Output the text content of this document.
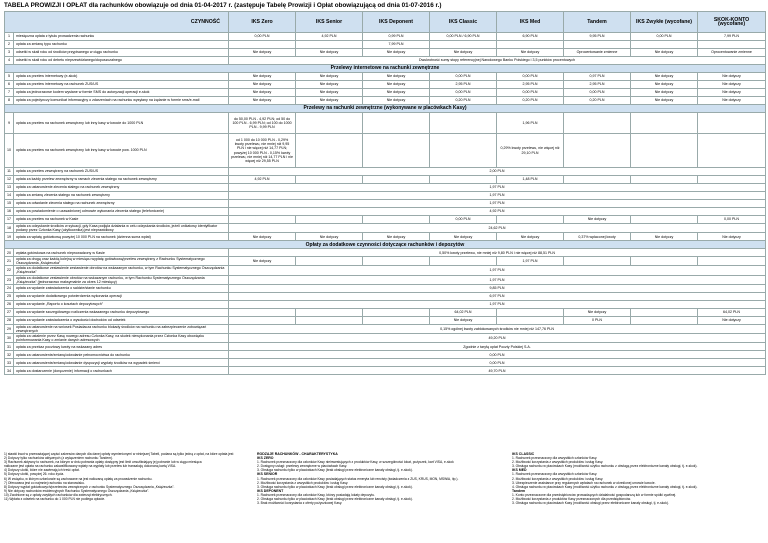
TABELA PROWIZJI I OPŁAT dla rachunków obowiązuje od dnia 01-04-2017 r. (zastępuje Tabelę Prowizji i Opłat obowiązującą od dnia 01-07-2016 r.)
CZYNNOŚĆ		IKS Zero	IKS Senior	IKS Deponent	IKS Classic	IKS Med	Tandem	IKS Zwykłe (wycofane)	SKOK-KONTO (wycofane)
1	miesięczna opłata z tytułu prowadzenia rachunku	0,00 PLN	4,92 PLN	0,99 PLN	0,00 PLN / 6,90 PLN	6,90 PLN	9,95 PLN	0,00 PLN	7,99 PLN
2	opłata za zmianę typu rachunku			7,99 PLN					
3	odsetki w skali roku od środków przypisanego w ciągu rachunku	Nie dotyczy	Nie dotyczy	Nie dotyczy	Nie dotyczy	Nie dotyczy	Oprocentowanie zmienne	Nie dotyczy	Oprocentowanie zmienne
4	odsetki w skali roku od debetu nieprzewidzianego/dopuszczalnego	Dwukrotność sumy stopy referencyjnej Narodowego Banku Polskiego i 3,5 punktów procentowych							
Przelewy internetowe na rachunki zewnętrzne									
5	opłata za przelew internetowy (e-skok)	Nie dotyczy	Nie dotyczy	Nie dotyczy	0,00 PLN	0,00 PLN	0,97 PLN	Nie dotyczy	Nie dotyczy
6	opłata za przelew internetowy na rachunek ZUS/US	Nie dotyczy	Nie dotyczy	Nie dotyczy	2,95 PLN	2,95 PLN	2,95 PLN	Nie dotyczy	Nie dotyczy
7	opłata za jednorazowe kodem wysłane w formie SMS do autoryzacji operacji e-skok	Nie dotyczy	Nie dotyczy	Nie dotyczy	0,00 PLN	0,00 PLN	0,00 PLN	Nie dotyczy	Nie dotyczy
8	opłata za pojedynczy komunikat informacyjny o zdarzeniach na rachunku wysyłany na żądanie w formie sms/e-mail	Nie dotyczy	Nie dotyczy	Nie dotyczy	0,20 PLN	0,20 PLN	0,20 PLN	Nie dotyczy	Nie dotyczy
Przelewy na rachunki zewnętrzne (wykonywane w placówkach Kasy)									
9	opłata za przelew na rachunek zewnętrzny lub inny kasy w kwocie do 1000 PLN	do 50,00 PLN - 4,92 PLN; od 50 do 100 PLN - 6,99 PLN; od 100 do 1000 PLN - 9,99 PLN				1,96 PLN			
10	opłata za przelew na rachunek zewnętrzny lub inny kasy w kwocie pow. 1000 PLN	od 1 000 do 10 000 PLN - 0,29% kwoty przelewu, nie mniej niż 9,95 PLN i nie więcej niż 14,77 PLN; powyżej 10 000 PLN - 0,15% kwoty przelewu, nie mniej niż 14,77 PLN i nie więcej niż 29,55 PLN				0,29% kwoty przelewu, nie więcej niż 29,10 PLN			
11	opłata za przelew zewnętrzny na rachunek ZUS/US	2,00 PLN							
12	opłata za każdy przelew zewnętrzny w ramach zlecenia stałego na rachunek zewnętrzny	4,92 PLN				1,48 PLN			
13	opłata za ustanowienie zlecenia stałego na rachunek zewnętrzny	1,97 PLN							
14	opłata za zmianę zlecenia stałego na rachunek zewnętrzny	1,97 PLN							
15	opłata za odwołanie zlecenia stałego na rachunek zewnętrzny	1,97 PLN							
16	opłata za powiadomienie o uzasadnionej odmowie wykonania zlecenia stałego (telefonicznie)	4,92 PLN							
17	opłata za przelew na rachunek w Kasie				0,00 PLN		Nie dotyczy		0,00 PLN
18	opłata za odzyskanie środków w sytuacji, gdy Kasa podjęła działania w celu odzyskania środków, jeżeli unikatowy identyfikator podany przez Członka Kasy (użytkownika) jest nieprawidłowy	24,62 PLN							
19	opłata za wpłatę gotówkową powyżej 10 000 PLN na rachunek (dzienna suma wpłat)	Nie dotyczy	Nie dotyczy	Nie dotyczy	Nie dotyczy	Nie dotyczy	0,37% wpłaconej kwoty	Nie dotyczy	Nie dotyczy
Opłaty za dodatkowe czynności dotyczące rachunków i depozytów									
20	wpłata gotówkowa na rachunek nieprowadzony w Kasie	0,50% kwoty przelewu, nie mniej niż 9,80 PLN i nie więcej niż 88,51 PLN							
21	opłata za drugą oraz każdą kolejną w miesiącu wypłatę gotówkową/przelew zewnętrzny z Rachunku Systematycznego Oszczędzania „Książeczka”	Nie dotyczy				1,97 PLN			
22	opłata za dodatkowe zestawienie zestawienie obrotów na wskazanym rachunku, w tym Rachunku Systematycznego Oszczędzania „Książeczka”	1,97 PLN							
23	opłata za dodatkowe zestawienie obrotów na wskazanym rachunku, w tym Rachunku Systematycznego Oszczędzania „Książeczka” (jednorazowo maksymalnie za okres 12 miesięcy)	1,97 PLN							
24	opłata za wydanie zaświadczenia o saldzie/stanie rachunku	9,85 PLN							
25	opłata za wydanie dodatkowego potwierdzenia wykonania operacji	6,97 PLN							
26	opłata za wydanie „Raportu o kosztach depozytowych”	1,97 PLN							
27	opłata za wydanie szczegółowego rozliczenia wskazanego rachunku depozytowego				64,02 PLN		Nie dotyczy		64,02 PLN
28	opłata za wydanie zaświadczenia o wysokości dochodów od odsetek				Nie dotyczy		0 PLN		Nie dotyczy
29	opłata za ustanowienie na wniosek Posiadacza rachunku blokady środków na rachunku na zabezpieczenie zobowiązań zewnętrznych	0,15% ogólnej kwoty zablokowanych środków nie mniej niż 147,76 PLN							
30	opłata za ustalenie przez Kasę nowego adresu Członka Kasy, na skutek niewykonania przez Członka Kasy obowiązku poinformowania Kasy o zmianie danych adresowych	49,20 PLN							
31	opłata za przekaz pocztowy kwoty na wskazany adres	Zgodnie z taryfą opłat Poczty Polskiej S.A.							
32	opłata za ustanowienie/zmianę/odwołanie pełnomocnictwa do rachunku	0,00 PLN							
33	opłata za ustanowienie/zmianę/odwołanie dyspozycji wypłaty środków na wypadek śmierci	0,00 PLN							
34	opłata za dostarczenie (doręczenie) informacji o rachunkach	49,70 PLN							
1) stawki kwot w przeważającej części zakresów danych dla danej opłaty wymienionymi w niniejszej Tabeli, podana są tylko jedną z opłat, na które opłata jest
2) Dotyczy tylko rachunków aktywnych (z wyłączeniem rachunku Tandem).
3) Rachunek aktywny to rachunek, na którym w dniu pobrania opłaty dostępny jest limit umożliwiający jej pobranie lub w ciągu miesiąca
naliczane jest opłata na rachunku zakwalifikowany wpłaty na wypłaty lub przelew lub transakcję dokonaną kartą VISA.
4) Dotyczy ulotki, które nie zawierają ich treść opłat.
5) Dotyczy ulotki, powyżej 26. roku życia.
6) W związku, w którym członkowie są zachowane na jest naliczaną opłatę za prowadzenie rachunku.
7) Oferowana jest co najmniej rachunku na stanowisku.
8) Dotyczy wypłat gotówkowych/przelewów zewnętrznych z rachunku Systematycznego Oszczędzania „Książeczka”.
9) Nie dotyczy rachunków ewidencyjnych Rachunku Systematycznego Oszczędzania „Książeczka”.
10) Zwolnione są z opłaty zwykłych rachunków dla zwierząt elektrycznych.
11) Wpłata z odsetek na rachunku do 1 000 PLN nie podlega opłacie.
RODZAJE RACHUNKÓW - CHARAKTERYSTYKA
IKS ZERO
1. Rachunek przeznaczony dla członków Kasy nieinwestujących z produktów Kasy, w szczególności lokat, pożyczek, kart VISA, e-skok
2. Dostępny usługi: przelewy zewnętrzne w placówkach Kasy.
3. Obsługa rachunku tylko w placówkach Kasy (brak obsługi przez elektroniczne kanały obsługi, tj. e-skok).
IKS SENIOR
1. Rachunek przeznaczony dla członków Kasy posiadających status emeryta lub rencisty (świadczenia z ZUS, KRUS, MON, MSWiA, itp.).
2. Możliwość korzystania z wszystkich produktów i usług Kasy.
3. Obsługa rachunku tylko w placówkach Kasy (brak obsługi przez elektroniczne kanały obsługi, tj. e-skok).
IKS DEPONENT
1. Rachunek przeznaczony dla członków Kasy, którzy posiadają lokaty depozytu.
2. Obsługa rachunku tylko w placówkach Kasy (brak obsługi przez elektroniczne kanały obsługi, tj. e-skok).
3. Brak możliwości korzystania z oferty pożyczkowej Kasy.
IKS CLASSIC
1. Rachunek przeznaczony dla wszystkich członków Kasy.
2. Możliwość korzystania z wszystkich produktów i usług Kasy.
3. Obsługa rachunku w placówkach Kasy (możliwość użytku rachunku z obsługą przez elektroniczne kanały obsługi, tj. e-skok).
IKS MED
1. Rachunek przeznaczony dla wszystkich członków Kasy.
2. Możliwość korzystania z wszystkich produktów i usług Kasy.
3. Ubezpieczenie assistance przy regularnych wpłatach na rachunek w określonej umowie kwocie.
4. Obsługa rachunku w placówkach Kasy (możliwość użytku rachunku z obsługą przez elektroniczne kanały obsługi, tj. e-skok).
Tandem
1. Konto przeznaczone dla przedsiębiorców prowadzących działalność gospodarczą lub w formie spółki cywilnej.
2. Możliwość korzystania z produktów Kasy przeznaczonych dla przedsiębiorców.
3. Obsługa rachunku w placówkach Kasy (możliwość obsługi przez elektroniczne kanały obsługi, tj. e-skok).
